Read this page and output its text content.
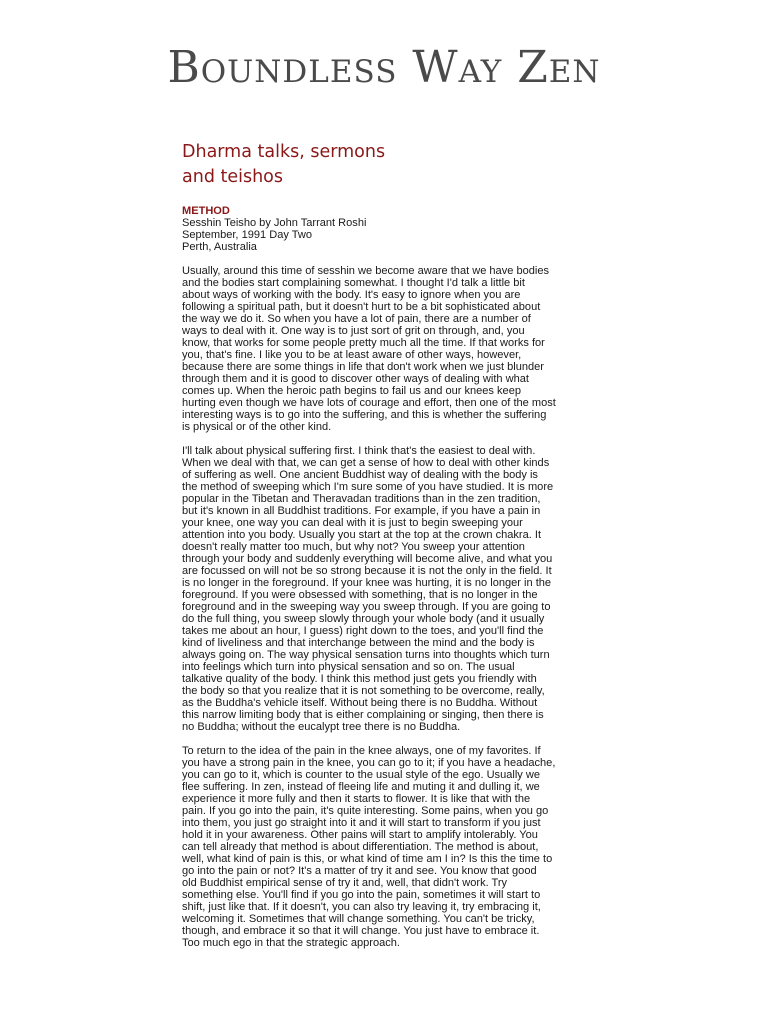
Boundless Way Zen
Dharma talks, sermons
and teishos
METHOD
Sesshin Teisho by John Tarrant Roshi
September, 1991 Day Two
Perth, Australia
Usually, around this time of sesshin we become aware that we have bodies
and the bodies start complaining somewhat. I thought I'd talk a little bit
about ways of working with the body. It's easy to ignore when you are
following a spiritual path, but it doesn't hurt to be a bit sophisticated about
the way we do it. So when you have a lot of pain, there are a number of
ways to deal with it. One way is to just sort of grit on through, and, you
know, that works for some people pretty much all the time. If that works for
you, that's fine. I like you to be at least aware of other ways, however,
because there are some things in life that don't work when we just blunder
through them and it is good to discover other ways of dealing with what
comes up. When the heroic path begins to fail us and our knees keep
hurting even though we have lots of courage and effort, then one of the most
interesting ways is to go into the suffering, and this is whether the suffering
is physical or of the other kind.
I'll talk about physical suffering first. I think that's the easiest to deal with.
When we deal with that, we can get a sense of how to deal with other kinds
of suffering as well. One ancient Buddhist way of dealing with the body is
the method of sweeping which I'm sure some of you have studied. It is more
popular in the Tibetan and Theravadan traditions than in the zen tradition,
but it's known in all Buddhist traditions. For example, if you have a pain in
your knee, one way you can deal with it is just to begin sweeping your
attention into you body. Usually you start at the top at the crown chakra. It
doesn't really matter too much, but why not? You sweep your attention
through your body and suddenly everything will become alive, and what you
are focussed on will not be so strong because it is not the only in the field. It
is no longer in the foreground. If your knee was hurting, it is no longer in the
foreground. If you were obsessed with something, that is no longer in the
foreground and in the sweeping way you sweep through. If you are going to
do the full thing, you sweep slowly through your whole body (and it usually
takes me about an hour, I guess) right down to the toes, and you'll find the
kind of liveliness and that interchange between the mind and the body is
always going on. The way physical sensation turns into thoughts which turn
into feelings which turn into physical sensation and so on. The usual
talkative quality of the body. I think this method just gets you friendly with
the body so that you realize that it is not something to be overcome, really,
as the Buddha's vehicle itself. Without being there is no Buddha. Without
this narrow limiting body that is either complaining or singing, then there is
no Buddha; without the eucalypt tree there is no Buddha.
To return to the idea of the pain in the knee always, one of my favorites. If
you have a strong pain in the knee, you can go to it; if you have a headache,
you can go to it, which is counter to the usual style of the ego. Usually we
flee suffering. In zen, instead of fleeing life and muting it and dulling it, we
experience it more fully and then it starts to flower. It is like that with the
pain. If you go into the pain, it's quite interesting. Some pains, when you go
into them, you just go straight into it and it will start to transform if you just
hold it in your awareness. Other pains will start to amplify intolerably. You
can tell already that method is about differentiation. The method is about,
well, what kind of pain is this, or what kind of time am I in? Is this the time to
go into the pain or not? It's a matter of try it and see. You know that good
old Buddhist empirical sense of try it and, well, that didn't work. Try
something else. You'll find if you go into the pain, sometimes it will start to
shift, just like that. If it doesn't, you can also try leaving it, try embracing it,
welcoming it. Sometimes that will change something. You can't be tricky,
though, and embrace it so that it will change. You just have to embrace it.
Too much ego in that the strategic approach.
